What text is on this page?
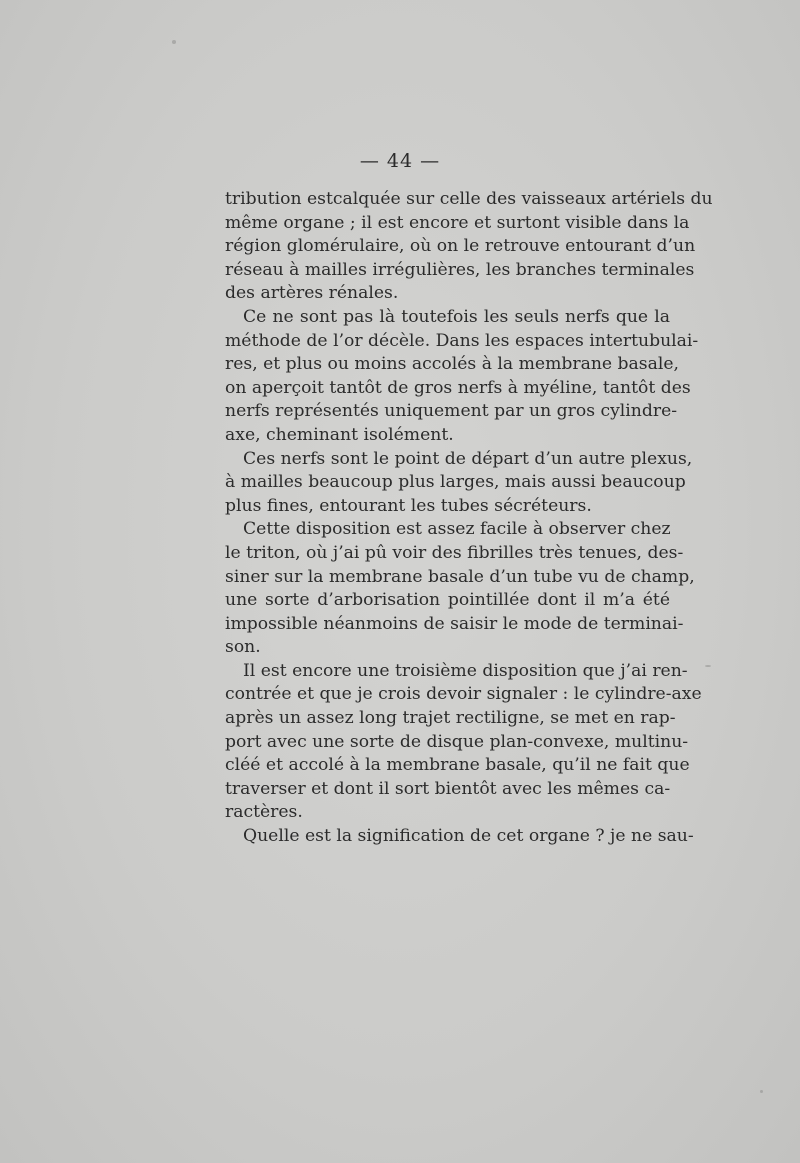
— 44 —
tribution estcalquée sur celle des vaisseaux artériels du
même organe ; il est encore et surtont visible dans la
région glomérulaire, où on le retrouve entourant d’un
réseau à mailles irrégulières, les branches terminales
des artères rénales.
Ce ne sont pas là toutefois les seuls nerfs que la
méthode de l’or décèle. Dans les espaces intertubulai-
res, et plus ou moins accolés à la membrane basale,
on aperçoit tantôt de gros nerfs à myéline, tantôt des
nerfs représentés uniquement par un gros cylindre-
axe, cheminant isolément.
Ces nerfs sont le point de départ d’un autre plexus,
à mailles beaucoup plus larges, mais aussi beaucoup
plus fines, entourant les tubes sécréteurs.
Cette disposition est assez facile à observer chez
le triton, où j’ai pû voir des fibrilles très tenues, des-
siner sur la membrane basale d’un tube vu de champ,
une sorte d’arborisation pointillée dont il m’a été
impossible néanmoins de saisir le mode de terminai-
son.
Il est encore une troisième disposition que j’ai ren-
contrée et que je crois devoir signaler : le cylindre-axe
après un assez long trajet rectiligne, se met en rap-
port avec une sorte de disque plan-convexe, multinu-
cléé et accolé à la membrane basale, qu’il ne fait que
traverser et dont il sort bientôt avec les mêmes ca-
ractères.
Quelle est la signification de cet organe ? je ne sau-
